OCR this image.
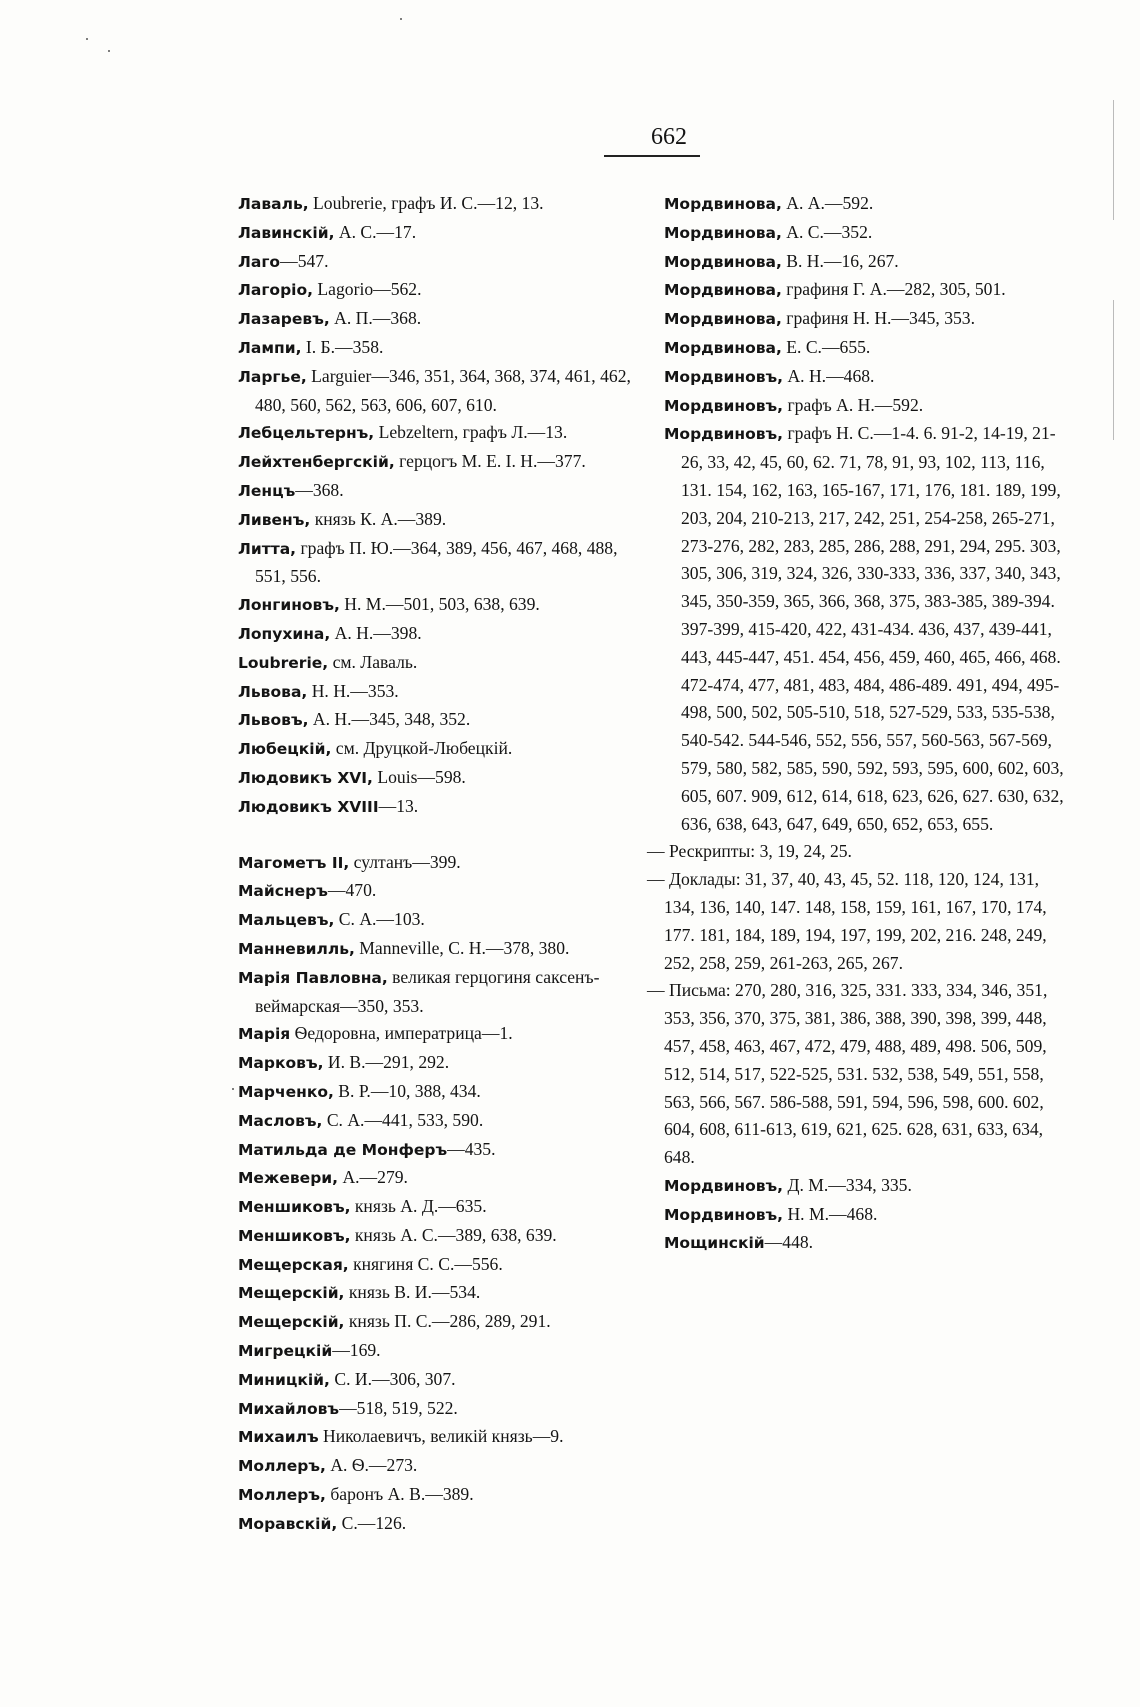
662

Лаваль, Loubrerie, графъ И. С.—12, 13.

Лавинскій, А. С.—17.

Лаго—547.

Лагоріо, Lagorio—562.

Лазаревъ, А. П.—368.

Лампи, І. Б.—358.

Ларгье, Larguier—346, 351, 364, 368, 374, 461, 462, 480, 560, 562, 563, 606, 607, 610.

Лебцельтернъ, Lebzeltern, графъ Л.—13.

Лейхтенбергскій, герцогъ М. Е. І. Н.—377.

Ленцъ—368.

Ливенъ, князь К. А.—389.

Литта, графъ П. Ю.—364, 389, 456, 467, 468, 488, 551, 556.

Лонгиновъ, Н. М.—501, 503, 638, 639.

Лопухина, А. Н.—398.

Loubrerie, см. Лаваль.

Львова, Н. Н.—353.

Львовъ, А. Н.—345, 348, 352.

Любецкій, см. Друцкой-Любецкій.

Людовикъ XVI, Louis—598.

Людовикъ XVIII—13.

Магометъ II, султанъ—399.

Майснеръ—470.

Мальцевъ, С. А.—103.

Манневилль, Manneville, С. Н.—378, 380.

Марія Павловна, великая герцогиня саксенъ-веймарская—350, 353.

Марія Ѳедоровна, императрица—1.

Марковъ, И. В.—291, 292.

Марченко, В. Р.—10, 388, 434.

Масловъ, С. А.—441, 533, 590.

Матильда де Монферъ—435.

Межевери, А.—279.

Меншиковъ, князь А. Д.—635.

Меншиковъ, князь А. С.—389, 638, 639.

Мещерская, княгиня С. С.—556.

Мещерскій, князь В. И.—534.

Мещерскій, князь П. С.—286, 289, 291.

Мигрецкій—169.

Миницкій, С. И.—306, 307.

Михайловъ—518, 519, 522.

Михаилъ Николаевичъ, великій князь—9.

Моллеръ, А. Ѳ.—273.

Моллеръ, баронъ А. В.—389.

Моравскій, С.—126.

Мордвинова, А. А.—592.

Мордвинова, А. С.—352.

Мордвинова, В. Н.—16, 267.

Мордвинова, графиня Г. А.—282, 305, 501.

Мордвинова, графиня Н. Н.—345, 353.

Мордвинова, Е. С.—655.

Мордвиновъ, А. Н.—468.

Мордвиновъ, графъ А. Н.—592.

Мордвиновъ, графъ Н. С.—1-4. 6. 91-2, 14-19, 21-26, 33, 42, 45, 60, 62. 71, 78, 91, 93, 102, 113, 116, 131. 154, 162, 163, 165-167, 171, 176, 181. 189, 199, 203, 204, 210-213, 217, 242, 251, 254-258, 265-271, 273-276, 282, 283, 285, 286, 288, 291, 294, 295. 303, 305, 306, 319, 324, 326, 330-333, 336, 337, 340, 343, 345, 350-359, 365, 366, 368, 375, 383-385, 389-394. 397-399, 415-420, 422, 431-434. 436, 437, 439-441, 443, 445-447, 451. 454, 456, 459, 460, 465, 466, 468. 472-474, 477, 481, 483, 484, 486-489. 491, 494, 495-498, 500, 502, 505-510, 518, 527-529, 533, 535-538, 540-542. 544-546, 552, 556, 557, 560-563, 567-569, 579, 580, 582, 585, 590, 592, 593, 595, 600, 602, 603, 605, 607. 909, 612, 614, 618, 623, 626, 627. 630, 632, 636, 638, 643, 647, 649, 650, 652, 653, 655.

— Рескрипты: 3, 19, 24, 25.

— Доклады: 31, 37, 40, 43, 45, 52. 118, 120, 124, 131, 134, 136, 140, 147. 148, 158, 159, 161, 167, 170, 174, 177. 181, 184, 189, 194, 197, 199, 202, 216. 248, 249, 252, 258, 259, 261-263, 265, 267.

— Письма: 270, 280, 316, 325, 331. 333, 334, 346, 351, 353, 356, 370, 375, 381, 386, 388, 390, 398, 399, 448, 457, 458, 463, 467, 472, 479, 488, 489, 498. 506, 509, 512, 514, 517, 522-525, 531. 532, 538, 549, 551, 558, 563, 566, 567. 586-588, 591, 594, 596, 598, 600. 602, 604, 608, 611-613, 619, 621, 625. 628, 631, 633, 634, 648.

Мордвиновъ, Д. М.—334, 335.

Мордвиновъ, Н. М.—468.

Мощинскій—448.
